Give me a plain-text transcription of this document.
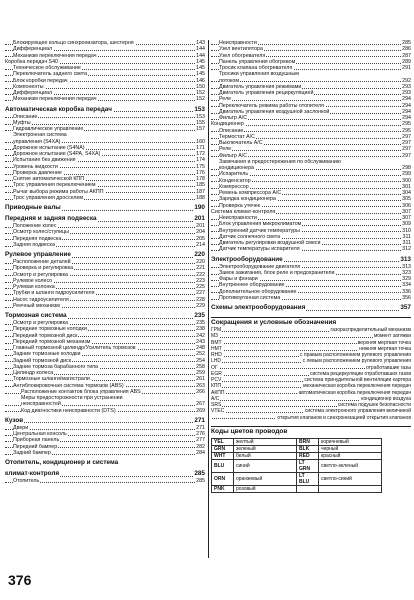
Блокирующее кольцо синхронизатора, шестерня	143
Дифференциал	144
Механизм переключения передач	144
Коробка передач S40	145
Техническое обслуживание	145
Переключатель заднего света	145
Блок коробки передач	146
Компоненты	150
Дифференциал	152
Механизм переключения передач	152
Автоматическая коробка передач	153
Описание	153
Муфты	155
Гидравлическое управление	157
Электронная система
управления (S4XA)	160
Дорожное испытание (S4NA)	171
Дорожное испытание (S4PA, S4XA)	172
Испытание без движения	174
Уровень жидкости	175
Проверка давление	176
Снятие автоматической КПП	178
Трос управления переключением	185
Рычаг выбора режима работы АКПП	187
Трос управления дросселем	188
Приводные валы	190
Передняя и задняя подвеска	201
Положение колес	201
Осмотр колес/ступицы	204
Передняя подвеска	205
Задняя подвеска	214
Рулевое управление	220
Расположение деталей	220
Проверка и регулировка	221
Осмотр и регулировка	222
Рулевое колесо	223
Рулевая колонка	225
Трубки и шланги гидроусилителя	227
Насос гидроусилителя	228
Реечный механизм	229
Тормозная система	235
Осмотр и регулировка	235
Передние тормозные колодки	238
Передний тормозной диск	242
Передний тормозной механизм	243
Главный тормозной цилиндр/Усилитель тормозов	248
Задние тормозные колодки	252
Задний тормозной диск	254
Задние тормоза барабанного типа	258
Цилиндр колеса	259
Тормозные шланги/магистрали	261
Антиблокировочная система тормозов (ABS)	263
Расположение контактов блока управления ABS	266
Меры предосторожности при устранении
неисправностей	267
Код диагностики неисправности (DTS)	269
Кузов	271
Двери	271
Центральная консоль	276
Приборная панель	277
Передний бампер	282
Задний бампер	284
Отопитель, кондиционер и система
климат-контроля	285
Отопитель	285
Неисправности	285
Узел вентилятора	286
Узел обогревателя	287
Панель управления обогревом	289
Тросик клапана обогревателя	291
Тросики управления воздушным
потоком	292
Двигатель управления режимами	293
Двигатель управления рециркуляцией	293
Реле	294
Переключатель режима работы отопителя	294
Двигатель управления воздушной заслонкой	294
Фильтр А/С	294
Кондиционер	295
Описание	295
Термостат А/С	297
Выключатель А/С	297
Реле	297
Фильтр А/С	297
Замечания и предостережения по обслуживанию
кондиционера	298
Испаритель	299
Конденсатор	300
Компрессор	301
Ремень компрессора A/C	304
Зарядка кондиционера	305
Проверка утечек	306
Система климат-контроля	307
Неисправности	307
Блок управления микроклиматом	309
Внутренний датчик температуры	310
Датчик солнечного света	311
Двигатель регулировки воздушной смеси	311
Датчик температуры испарителя	312
Электрооборудование	313
Электрооборудование двигателя	313
Замок зажигания, блок реле и предохранители	323
Фары и фонари	329
Внутреннее оборудование	334
Дополнительное оборудование	336
Противоугонная система	356
Схемы электрооборудования	357
Сокращения и условные обозначения
ГРМ	газораспределительный механизм
M3	момент затяжки
BMT	верхняя мертвая точка
HMT	нижняя мертвая точка
RHD	с правым расположением рулевого управления
LHD	с левым расположением рулевого управления
OГ	отработавшие газы
EGR	система рециркуляции отработавших газов
PCV	система принудительной вентиляции картера
КПП	механическая коробка переключения передач
АКПП	автоматическая коробка переключения передач
A/C	кондиционер воздуха
SRS	система подушек безопасности
VTEC	система электронного управления величиной
открытия клапанов и синхронизацией открытия клапанов
Коды цветов проводов
YEL	желтый	BRN	коричневый
GRN	зеленый	BLK	черный
WHT	белый	RED	красный
BLU	синий	LT GRN	светло-зеленый
ORN	оранжевый	LT BLU	светло-синий
PNK	розовый		
376
